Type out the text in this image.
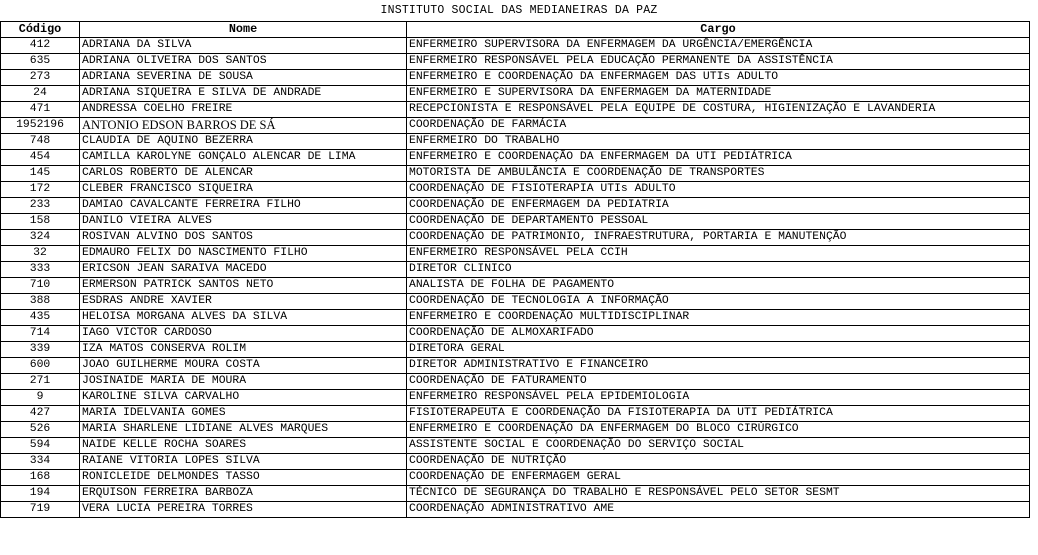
INSTITUTO SOCIAL DAS MEDIANEIRAS DA PAZ
Código	Nome	Cargo
412	ADRIANA DA SILVA	ENFERMEIRO SUPERVISORA DA ENFERMAGEM DA URGÊNCIA/EMERGÊNCIA
635	ADRIANA OLIVEIRA DOS SANTOS	ENFERMEIRO RESPONSÁVEL PELA EDUCAÇÃO PERMANENTE DA ASSISTÊNCIA
273	ADRIANA SEVERINA DE SOUSA	ENFERMEIRO E COORDENAÇÃO DA ENFERMAGEM DAS UTIs ADULTO
24	ADRIANA SIQUEIRA E SILVA DE ANDRADE	ENFERMEIRO E SUPERVISORA DA ENFERMAGEM DA MATERNIDADE
471	ANDRESSA COELHO FREIRE	RECEPCIONISTA E RESPONSÁVEL PELA EQUIPE DE COSTURA, HIGIENIZAÇÃO E LAVANDERIA
1952196	ANTONIO EDSON BARROS DE SÁ	COORDENAÇÃO DE FARMÁCIA
748	CLAUDIA DE AQUINO BEZERRA	ENFERMEIRO DO TRABALHO
454	CAMILLA KAROLYNE GONÇALO ALENCAR DE LIMA	ENFERMEIRO E COORDENAÇÃO DA ENFERMAGEM DA UTI PEDIÁTRICA
145	CARLOS ROBERTO DE ALENCAR	MOTORISTA DE AMBULÂNCIA E COORDENAÇÃO DE TRANSPORTES
172	CLEBER FRANCISCO SIQUEIRA	COORDENAÇÃO DE FISIOTERAPIA UTIs ADULTO
233	DAMIAO CAVALCANTE FERREIRA FILHO	COORDENAÇÃO DE ENFERMAGEM DA PEDIATRIA
158	DANILO VIEIRA ALVES	COORDENAÇÃO DE DEPARTAMENTO PESSOAL
324	ROSIVAN ALVINO DOS SANTOS	COORDENAÇÃO DE PATRIMONIO, INFRAESTRUTURA, PORTARIA E MANUTENÇÃO
32	EDMAURO FELIX DO NASCIMENTO FILHO	ENFERMEIRO RESPONSÁVEL PELA CCIH
333	ERICSON JEAN SARAIVA MACEDO	DIRETOR CLINICO
710	ERMERSON PATRICK SANTOS NETO	ANALISTA DE FOLHA DE PAGAMENTO
388	ESDRAS ANDRE XAVIER	COORDENAÇÃO DE TECNOLOGIA A INFORMAÇÃO
435	HELOISA MORGANA ALVES DA SILVA	ENFERMEIRO E COORDENAÇÃO MULTIDISCIPLINAR
714	IAGO VICTOR CARDOSO	COORDENAÇÃO DE ALMOXARIFADO
339	IZA MATOS CONSERVA ROLIM	DIRETORA GERAL
600	JOAO GUILHERME MOURA COSTA	DIRETOR ADMINISTRATIVO E FINANCEIRO
271	JOSINAIDE MARIA DE MOURA	COORDENAÇÃO DE FATURAMENTO
9	KAROLINE SILVA CARVALHO	ENFERMEIRO RESPONSÁVEL PELA EPIDEMIOLOGIA
427	MARIA IDELVANIA GOMES	FISIOTERAPEUTA E COORDENAÇÃO DA FISIOTERAPIA DA UTI PEDIÁTRICA
526	MARIA SHARLENE LIDIANE ALVES MARQUES	ENFERMEIRO E COORDENAÇÃO DA ENFERMAGEM DO BLOCO CIRÚRGICO
594	NAIDE KELLE ROCHA SOARES	ASSISTENTE SOCIAL E COORDENAÇÃO DO SERVIÇO SOCIAL
334	RAIANE VITORIA LOPES SILVA	COORDENAÇÃO DE NUTRIÇÃO
168	RONICLEIDE DELMONDES TASSO	COORDENAÇÃO DE ENFERMAGEM GERAL
194	ERQUISON FERREIRA BARBOZA	TÉCNICO DE SEGURANÇA DO TRABALHO E RESPONSÁVEL PELO SETOR SESMT
719	VERA LUCIA PEREIRA TORRES	COORDENAÇÃO ADMINISTRATIVO AME
